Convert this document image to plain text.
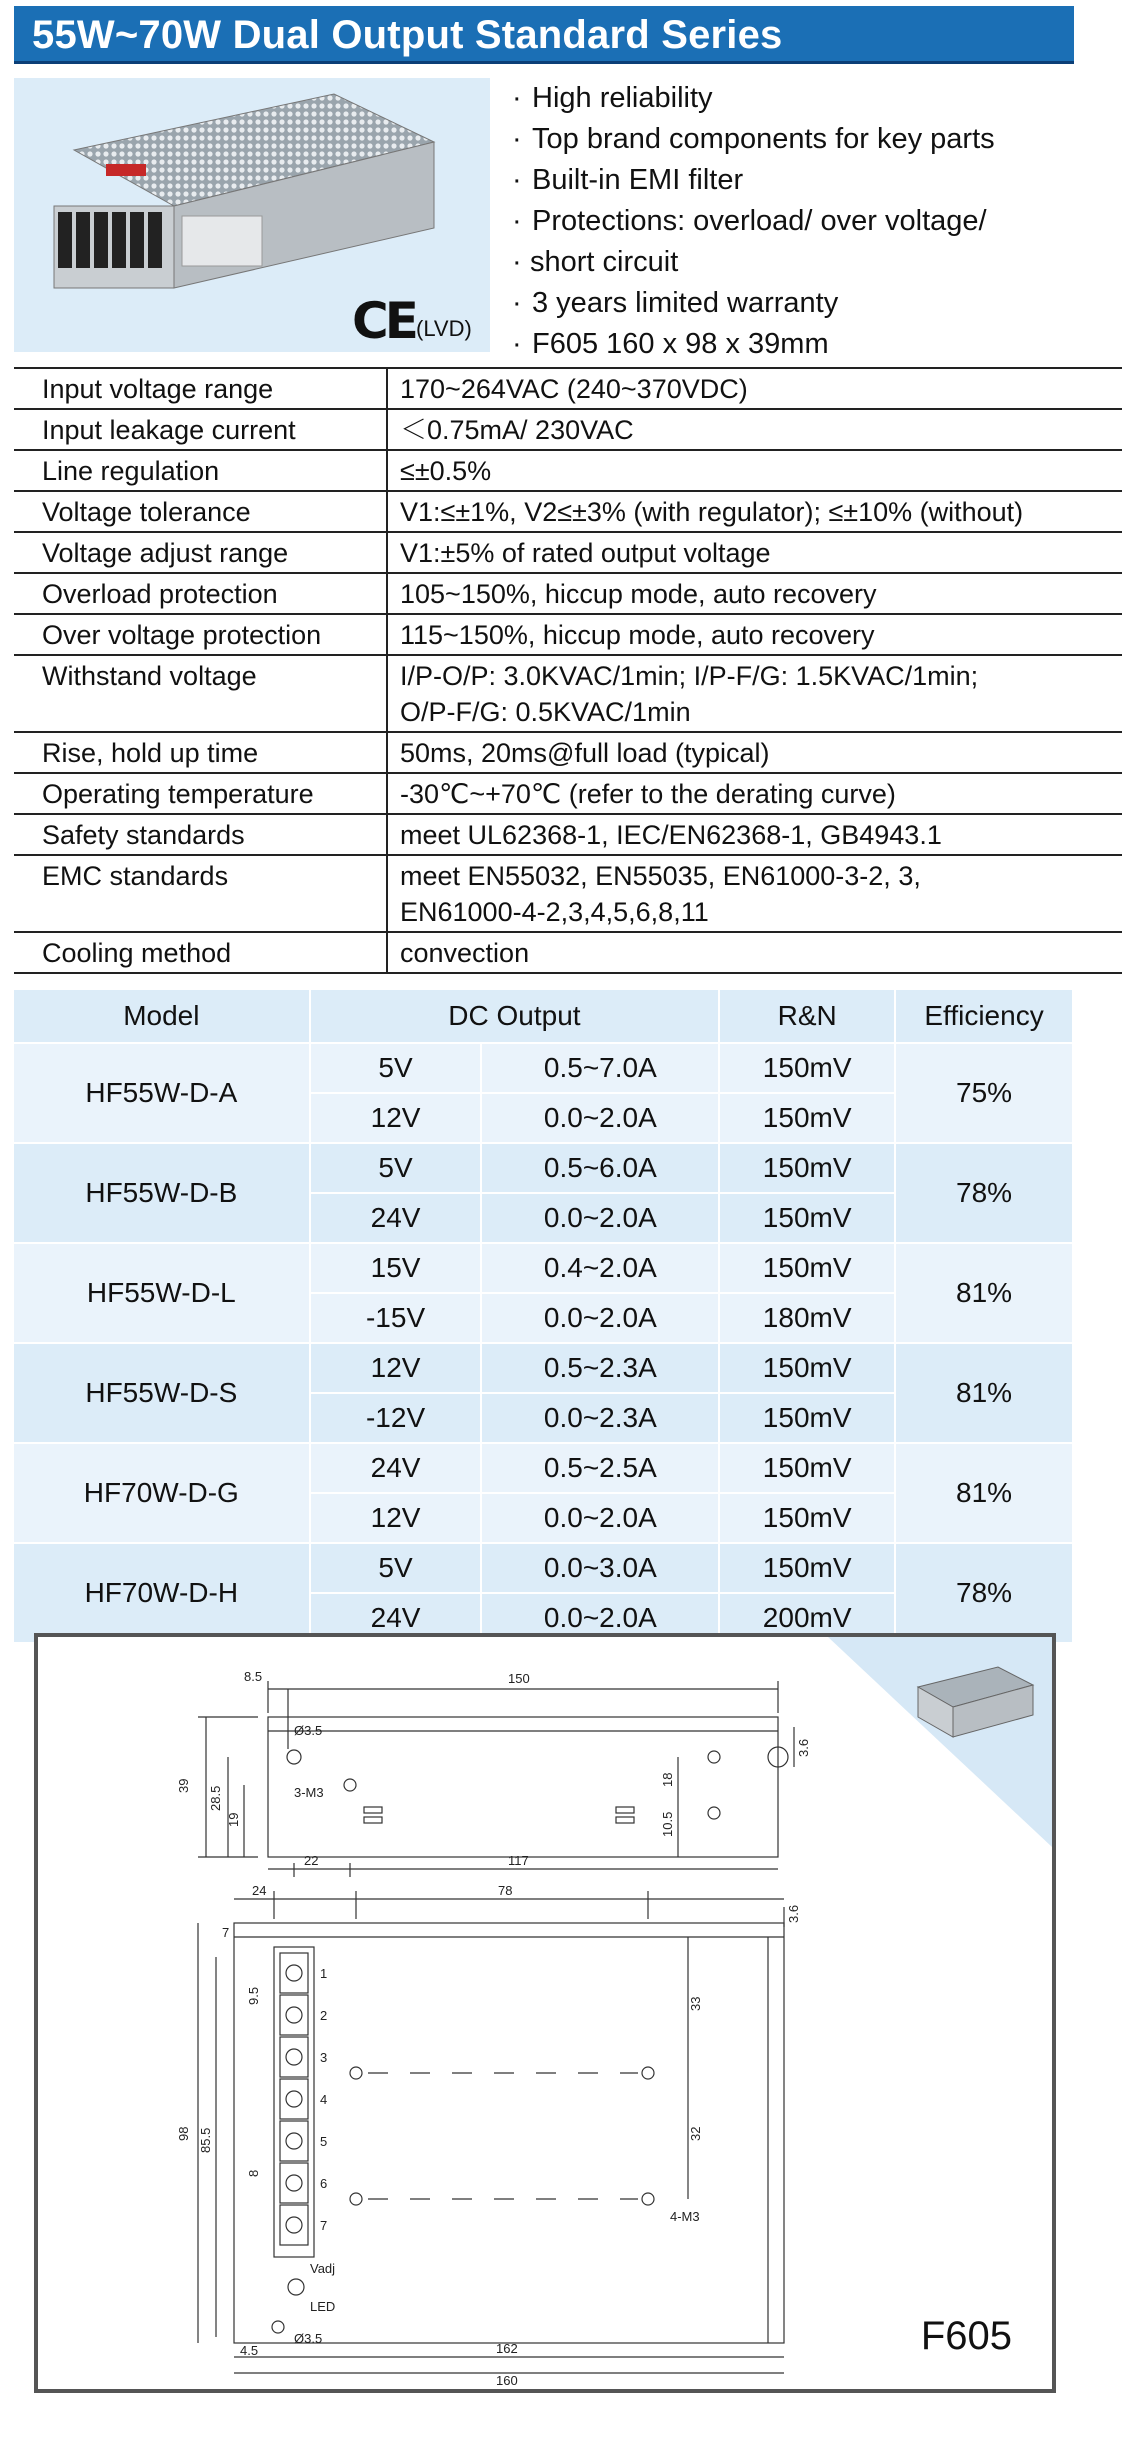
55W~70W Dual Output Standard Series
CE (LVD)
· High reliability
· Top brand components for key parts
· Built-in EMI filter
· Protections: overload/ over voltage/
· short circuit
· 3 years limited warranty
· F605 160 x 98 x 39mm
Input voltage range	170~264VAC (240~370VDC)

Input leakage current	＜0.75mA/ 230VAC

Line regulation	≤±0.5%

Voltage tolerance	V1:≤±1%, V2≤±3% (with regulator); ≤±10% (without)

Voltage adjust range	V1:±5% of rated output voltage

Overload protection	105~150%, hiccup mode, auto recovery

Over voltage protection	115~150%, hiccup mode, auto recovery

Withstand voltage	I/P-O/P: 3.0KVAC/1min; I/P-F/G: 1.5KVAC/1min;
O/P-F/G: 0.5KVAC/1min

Rise, hold up time	50ms, 20ms@full load (typical)

Operating temperature	-30℃~+70℃ (refer to the derating curve)

Safety standards	meet UL62368-1, IEC/EN62368-1, GB4943.1

EMC standards	meet EN55032, EN55035, EN61000-3-2, 3,
EN61000-4-2,3,4,5,6,8,11

Cooling method	convection
Model	DC Output		R&N	Efficiency
HF55W-D-A	5V	0.5~7.0A	150mV	75%
	12V	0.0~2.0A	150mV	
HF55W-D-B	5V	0.5~6.0A	150mV	78%
	24V	0.0~2.0A	150mV	
HF55W-D-L	15V	0.4~2.0A	150mV	81%
	-15V	0.0~2.0A	180mV	
HF55W-D-S	12V	0.5~2.3A	150mV	81%
	-12V	0.0~2.3A	150mV	
HF70W-D-G	24V	0.5~2.5A	150mV	81%
	12V	0.0~2.0A	150mV	
HF70W-D-H	5V	0.0~3.0A	150mV	78%
	24V	0.0~2.0A	200mV	
8.5	150
Ø3.5
39 28.5
19
3-M3
18
10.5
3.6
22	117
24	78
3.6
7
33
32
9.5
8
98 85.5
4-M3
Vadj
LED
Ø3.5
4.5	162
160
1
2
3
4
5
6
7
F605
